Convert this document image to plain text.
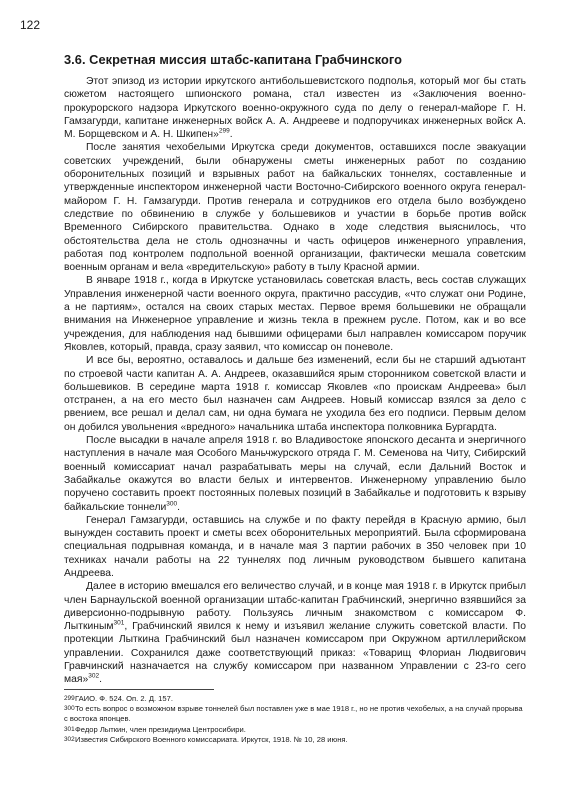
122
3.6. Секретная миссия штабс-капитана Грабчинского

Этот эпизод из истории иркутского антибольшевистского подполья, который мог бы стать сюжетом настоящего шпионского романа, стал известен из «Заключения военно-прокурорского надзора Иркутского военно-окружного суда по делу о генерал-майоре Г. Н. Гамзагурди, капитане инженерных войск А. А. Андрееве и подпоручиках инженерных войск А. М. Борщевском и А. Н. Шкипен»$^{299}$.

После занятия чехобелыми Иркутска среди документов, оставшихся после эвакуации советских учреждений, были обнаружены сметы инженерных работ по созданию оборонительных позиций и взрывных работ на байкальских тоннелях, составленные и утвержденные инспектором инженерной части Восточно-Сибирского военного округа генерал-майором Г. Н. Гамзагурди. Против генерала и сотрудников его отдела было возбуждено следствие по обвинению в службе у большевиков и участии в борьбе против войск Временного Сибирского правительства. Однако в ходе следствия выяснилось, что обстоятельства дела не столь однозначны и часть офицеров инженерного управления, работая под контролем подпольной военной организации, фактически мешала советским военным органам и вела «вредительскую» работу в тылу Красной армии.

В январе 1918 г., когда в Иркутске установилась советская власть, весь состав служащих Управления инженерной части военного округа, практично рассудив, «что служат они Родине, а не партиям», остался на своих старых местах. Первое время большевики не обращали внимания на Инженерное управление и жизнь текла в прежнем русле. Потом, как и во все учреждения, для наблюдения над бывшими офицерами был направлен комиссаром поручик Яковлев, который, правда, сразу заявил, что комиссар он поневоле.

И все бы, вероятно, оставалось и дальше без изменений, если бы не старший адъютант по строевой части капитан А. А. Андреев, оказавшийся ярым сторонником советской власти и большевиков. В середине марта 1918 г. комиссар Яковлев «по проискам Андреева» был отстранен, а на его место был назначен сам Андреев. Новый комиссар взялся за дело с рвением, все решал и делал сам, ни одна бумага не уходила без его подписи. Первым делом он добился увольнения «вредного» начальника штаба инспектора полковника Бургардта.

После высадки в начале апреля 1918 г. во Владивостоке японского десанта и энергичного наступления в начале мая Особого Маньчжурского отряда Г. М. Семенова на Читу, Сибирский военный комиссариат начал разрабатывать меры на случай, если Дальний Восток и Забайкалье окажутся во власти белых и интервентов. Инженерному управлению было поручено составить проект постоянных полевых позиций в Забайкалье и подготовить к взрыву байкальские тоннели$^{300}$.

Генерал Гамзагурди, оставшись на службе и по факту перейдя в Красную армию, был вынужден составить проект и сметы всех оборонительных мероприятий. Была сформирована специальная подрывная команда, и в начале мая 3 партии рабочих в 350 человек при 10 техниках начали работы на 22 туннелях под личным руководством бывшего капитана Андреева.

Далее в историю вмешался его величество случай, и в конце мая 1918 г. в Иркутск прибыл член Барнаульской военной организации штабс-капитан Грабчинский, энергично взявшийся за диверсионно-подрывную работу. Пользуясь личным знакомством с комиссаром Ф. Лыткиным$^{301}$, Грабчинский явился к нему и изъявил желание служить советской власти. По протекции Лыткина Грабчинский был назначен комиссаром при Окружном артиллерийском управлении. Сохранился даже соответствующий приказ: «Товарищ Флориан Людвигович Гравчинский назначается на службу комиссаром при названном Управлении с 23-го сего мая»$^{302}$.

299ГАИО. Ф. 524. Оп. 2. Д. 157.

300То есть вопрос о возможном взрыве тоннелей был поставлен уже в мае 1918 г., но не против чехобелых, а на случай прорыва с востока японцев.

301Федор Лыткин, член президиума Центросибири.

302Известия Сибирского Военного комиссариата. Иркутск, 1918. № 10, 28 июня.
